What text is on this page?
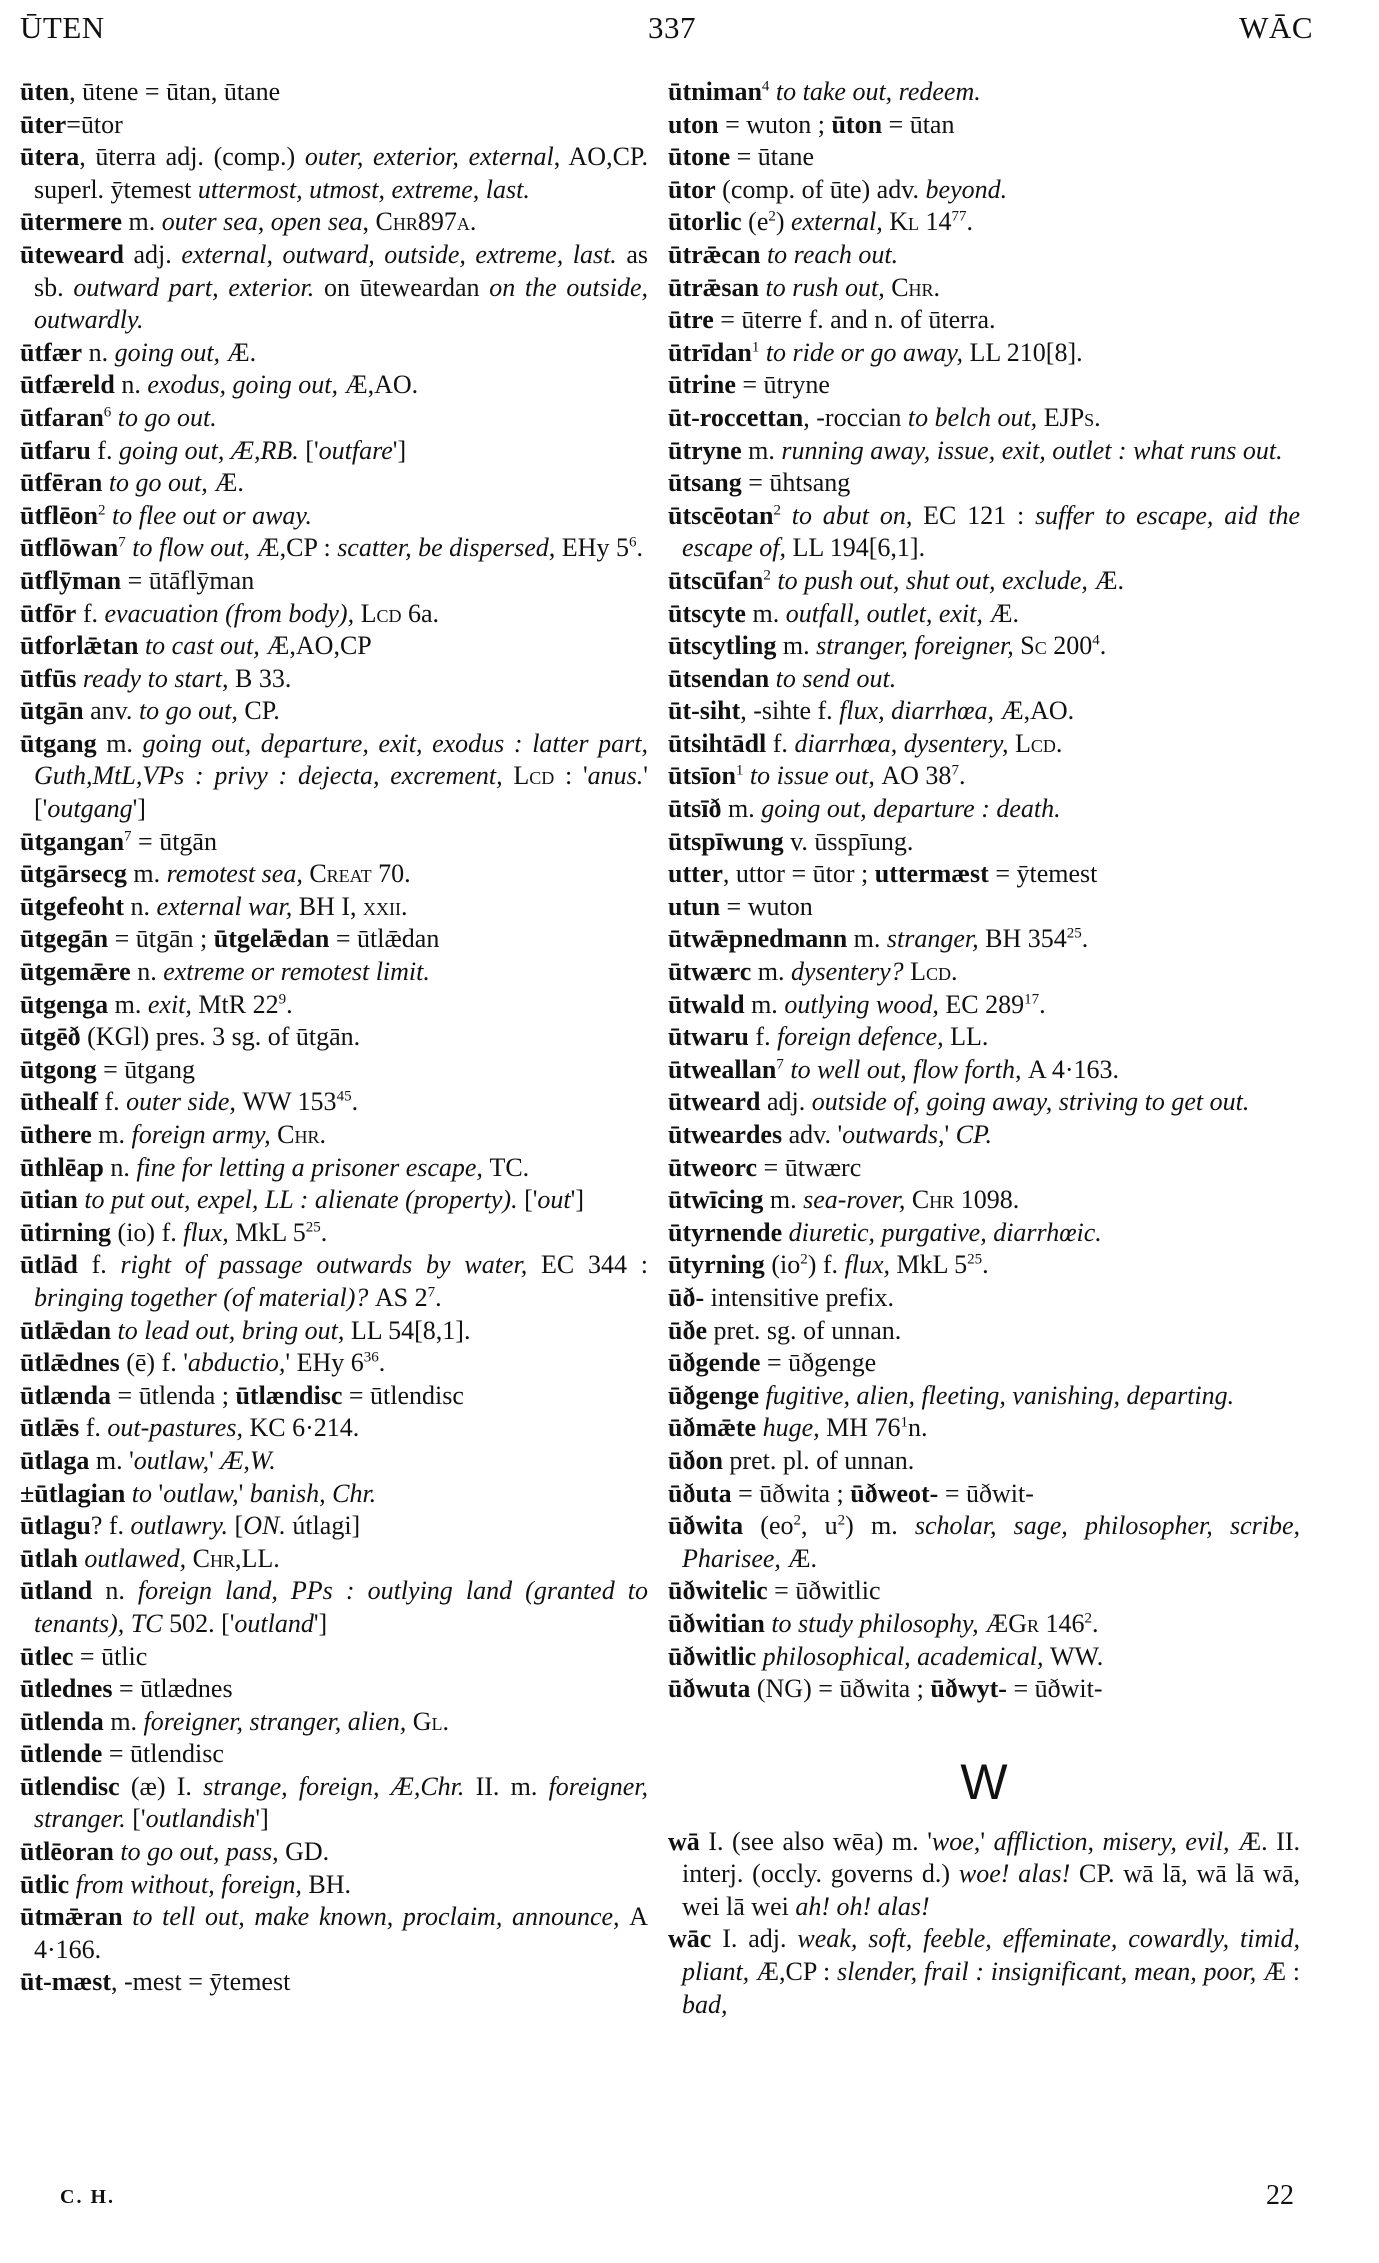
ŪTEN	337	WĀC
ūten, ūtene = ūtan, ūtane
ūter=ūtor
ūtera, ūterra adj. (comp.) outer, exterior, external, AO,CP. superl. ȳtemest uttermost, utmost, extreme, last.
ūtermere m. outer sea, open sea, Chr897a.
ūteweard adj. external, outward, outside, extreme, last. as sb. outward part, exterior. on ūteweardan on the outside, outwardly.
ūtfær n. going out, Æ.
ūtfæreld n. exodus, going out, Æ,AO.
ūtfaran$^6$ to go out.
ūtfaru f. going out, Æ,RB. ['outfare']
ūtfēran to go out, Æ.
ūtflēon$^2$ to flee out or away.
ūtflōwan$^7$ to flow out, Æ,CP : scatter, be dispersed, EHy $5^6$.
ūtflȳman = ūtāflȳman
ūtfōr f. evacuation (from body), Lcd 6a.
ūtforlǣtan to cast out, Æ,AO,CP
ūtfūs ready to start, B 33.
ūtgān anv. to go out, CP.
ūtgang m. going out, departure, exit, exodus : latter part, Guth,MtL,VPs : privy : dejecta, excrement, Lcd : 'anus.' ['outgang']
ūtgangan$^7$ = ūtgān
ūtgārsecg m. remotest sea, Creat 70.
ūtgefeoht n. external war, BH I, xxii.
ūtgegān = ūtgān ; ūtgelǣdan = ūtlǣdan
ūtgemǣre n. extreme or remotest limit.
ūtgenga m. exit, MtR $22^9$.
ūtgēð (KGl) pres. 3 sg. of ūtgān.
ūtgong = ūtgang
ūthealf f. outer side, WW $153^{45}$.
ūthere m. foreign army, Chr.
ūthlēap n. fine for letting a prisoner escape, TC.
ūtian to put out, expel, LL : alienate (property). ['out']
ūtirning (io) f. flux, MkL $5^{25}$.
ūtlād f. right of passage outwards by water, EC 344 : bringing together (of material)? AS $2^7$.
ūtlǣdan to lead out, bring out, LL 54[8,1].
ūtlǣdnes (ē) f. 'abductio,' EHy $6^{36}$.
ūtlænda = ūtlenda ; ūtlændisc = ūtlendisc
ūtlǣs f. out-pastures, KC 6·214.
ūtlaga m. 'outlaw,' Æ,W.
±ūtlagian to 'outlaw,' banish, Chr.
ūtlagu? f. outlawry. [ON. útlagi]
ūtlah outlawed, Chr,LL.
ūtland n. foreign land, PPs : outlying land (granted to tenants), TC 502. ['outland']
ūtlec = ūtlic
ūtlednes = ūtlædnes
ūtlenda m. foreigner, stranger, alien, Gl.
ūtlende = ūtlendisc
ūtlendisc (æ) I. strange, foreign, Æ,Chr. II. m. foreigner, stranger. ['outlandish']
ūtlēoran to go out, pass, GD.
ūtlic from without, foreign, BH.
ūtmǣran to tell out, make known, proclaim, announce, A 4·166.
ūt-mæst, -mest = ȳtemest
ūtniman$^4$ to take out, redeem.
uton = wuton ; ūton = ūtan
ūtone = ūtane
ūtor (comp. of ūte) adv. beyond.
ūtorlic $(e^2)$ external, Kl $14^{77}$.
ūtrǣcan to reach out.
ūtrǣsan to rush out, Chr.
ūtre = ūterre f. and n. of ūterra.
ūtrīdan$^1$ to ride or go away, LL 210[8].
ūtrine = ūtryne
ūt-roccettan, -roccian to belch out, EJPs.
ūtryne m. running away, issue, exit, outlet : what runs out.
ūtsang = ūhtsang
ūtscēotan$^2$ to abut on, EC 121 : suffer to escape, aid the escape of, LL 194[6,1].
ūtscūfan$^2$ to push out, shut out, exclude, Æ.
ūtscyte m. outfall, outlet, exit, Æ.
ūtscytling m. stranger, foreigner, Sc $200^4$.
ūtsendan to send out.
ūt-siht, -sihte f. flux, diarrhœa, Æ,AO.
ūtsihtādl f. diarrhœa, dysentery, Lcd.
ūtsīon$^1$ to issue out, AO $38^7$.
ūtsīð m. going out, departure : death.
ūtspīwung v. ūsspīung.
utter, uttor = ūtor ; uttermæst = ȳtemest
utun = wuton
ūtwǣpnedmann m. stranger, BH $354^{25}$.
ūtwærc m. dysentery? Lcd.
ūtwald m. outlying wood, EC $289^{17}$.
ūtwaru f. foreign defence, LL.
ūtweallan$^7$ to well out, flow forth, A 4·163.
ūtweard adj. outside of, going away, striving to get out.
ūtweardes adv. 'outwards,' CP.
ūtweorc = ūtwærc
ūtwīcing m. sea-rover, Chr 1098.
ūtyrnende diuretic, purgative, diarrhœic.
ūtyrning $(io^2)$ f. flux, MkL $5^{25}$.
ūð- intensitive prefix.
ūðe pret. sg. of unnan.
ūðgende = ūðgenge
ūðgenge fugitive, alien, fleeting, vanishing, departing.
ūðmǣte huge, MH $76^1n$.
ūðon pret. pl. of unnan.
ūðuta = ūðwita ; ūðweot- = ūðwit-
ūðwita ($eo^2$, $u^2$) m. scholar, sage, philosopher, scribe, Pharisee, Æ.
ūðwitelic = ūðwitlic
ūðwitian to study philosophy, ÆGr $146^2$.
ūðwitlic philosophical, academical, WW.
ūðwuta (NG) = ūðwita ; ūðwyt- = ūðwit-
W
wā I. (see also wēa) m. 'woe,' affliction, misery, evil, Æ. II. interj. (occly. governs d.) woe! alas! CP. wā lā, wā lā wā, wei lā wei ah! oh! alas!
wāc I. adj. weak, soft, feeble, effeminate, cowardly, timid, pliant, Æ,CP : slender, frail : insignificant, mean, poor, Æ : bad,
C. H.	22
